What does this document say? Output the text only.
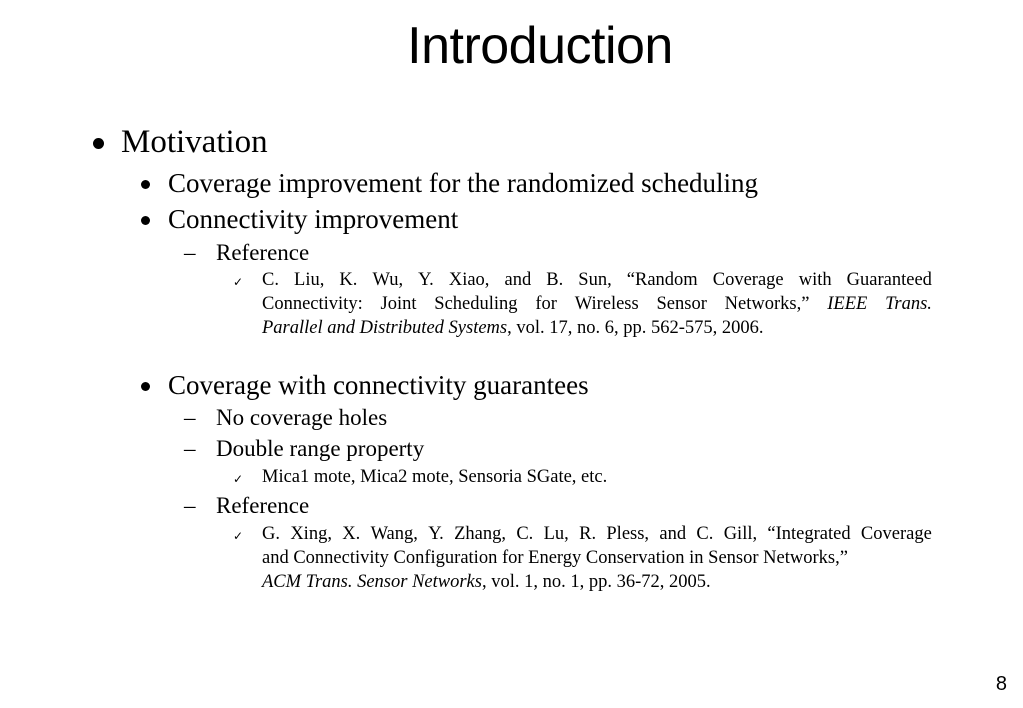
Introduction
Motivation
Coverage improvement for the randomized scheduling
Connectivity improvement
– Reference
✓ C. Liu, K. Wu, Y. Xiao, and B. Sun, “Random Coverage with Guaranteed
Connectivity: Joint Scheduling for Wireless Sensor Networks,” IEEE Trans.
Parallel and Distributed Systems, vol. 17, no. 6, pp. 562-575, 2006.
Coverage with connectivity guarantees
– No coverage holes
– Double range property
✓ Mica1 mote, Mica2 mote, Sensoria SGate, etc.
– Reference
✓ G. Xing, X. Wang, Y. Zhang, C. Lu, R. Pless, and C. Gill, “Integrated Coverage
and Connectivity Configuration for Energy Conservation in Sensor Networks,”
ACM Trans. Sensor Networks, vol. 1, no. 1, pp. 36-72, 2005.
8
